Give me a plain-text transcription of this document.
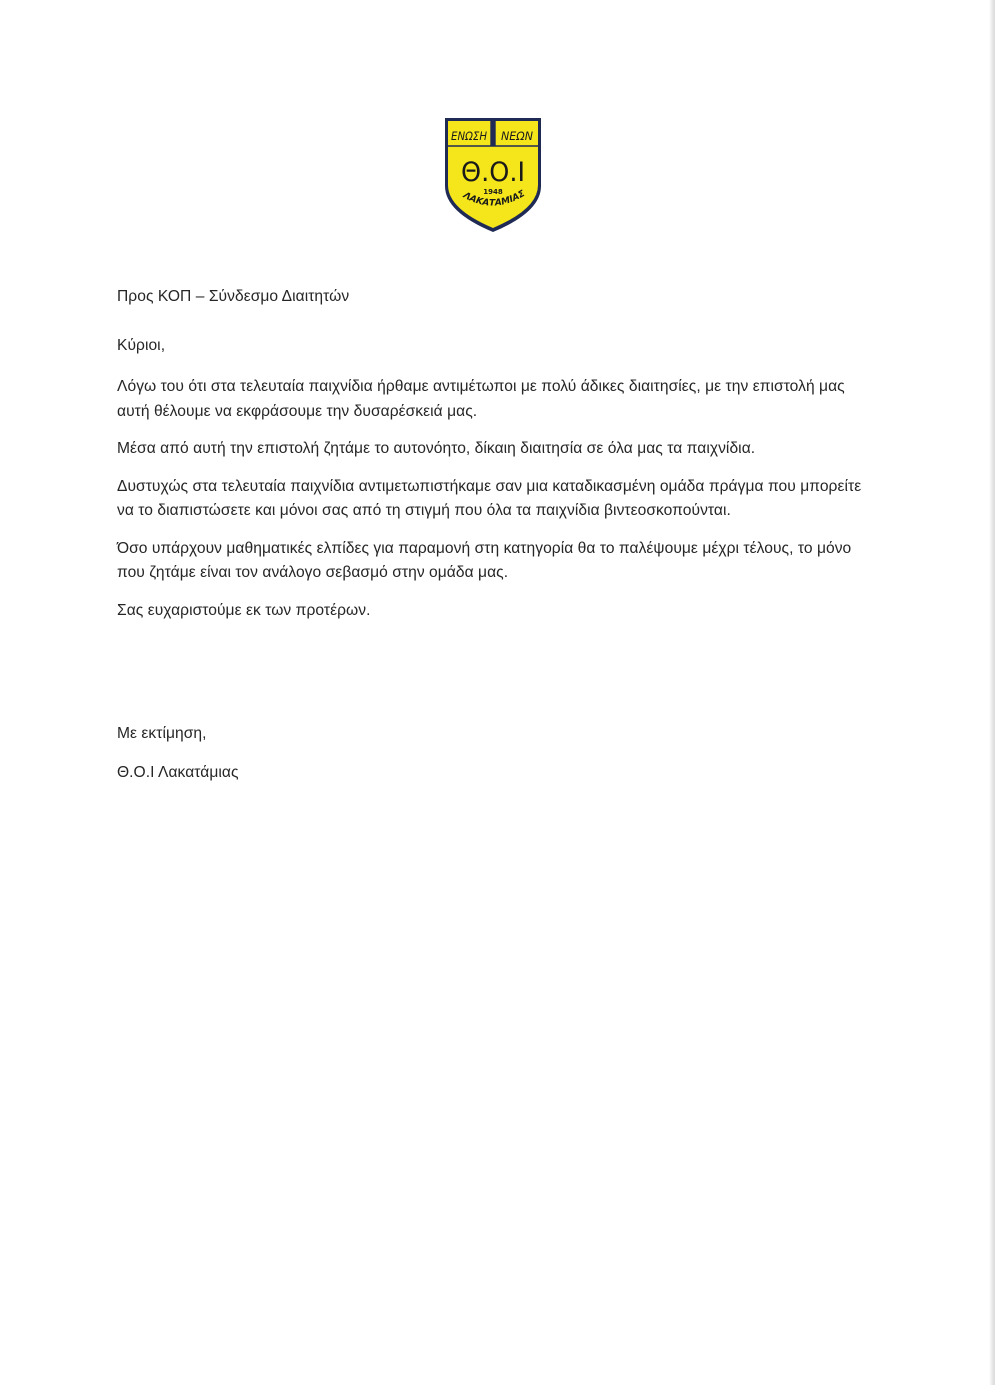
ΕΝΩΣΗ ΝΕΩΝ
Θ.Ο.Ι
1948
ΛΑΚΑΤΑΜΙΑΣ

Προς ΚΟΠ – Σύνδεσμο Διαιτητών

Κύριοι,

Λόγω του ότι στα τελευταία παιχνίδια ήρθαμε αντιμέτωποι με πολύ άδικες διαιτησίες, με την επιστολή μας αυτή θέλουμε να εκφράσουμε την δυσαρέσκειά μας.

Μέσα από αυτή την επιστολή ζητάμε το αυτονόητο, δίκαιη διαιτησία σε όλα μας τα παιχνίδια.

Δυστυχώς στα τελευταία παιχνίδια αντιμετωπιστήκαμε σαν μια καταδικασμένη ομάδα πράγμα που μπορείτε να το διαπιστώσετε και μόνοι σας από τη στιγμή που όλα τα παιχνίδια βιντεοσκοπούνται.

Όσο υπάρχουν μαθηματικές ελπίδες για παραμονή στη κατηγορία θα το παλέψουμε μέχρι τέλους, το μόνο που ζητάμε είναι τον ανάλογο σεβασμό στην ομάδα μας.

Σας ευχαριστούμε εκ των προτέρων.

Με εκτίμηση,

Θ.Ο.Ι Λακατάμιας
